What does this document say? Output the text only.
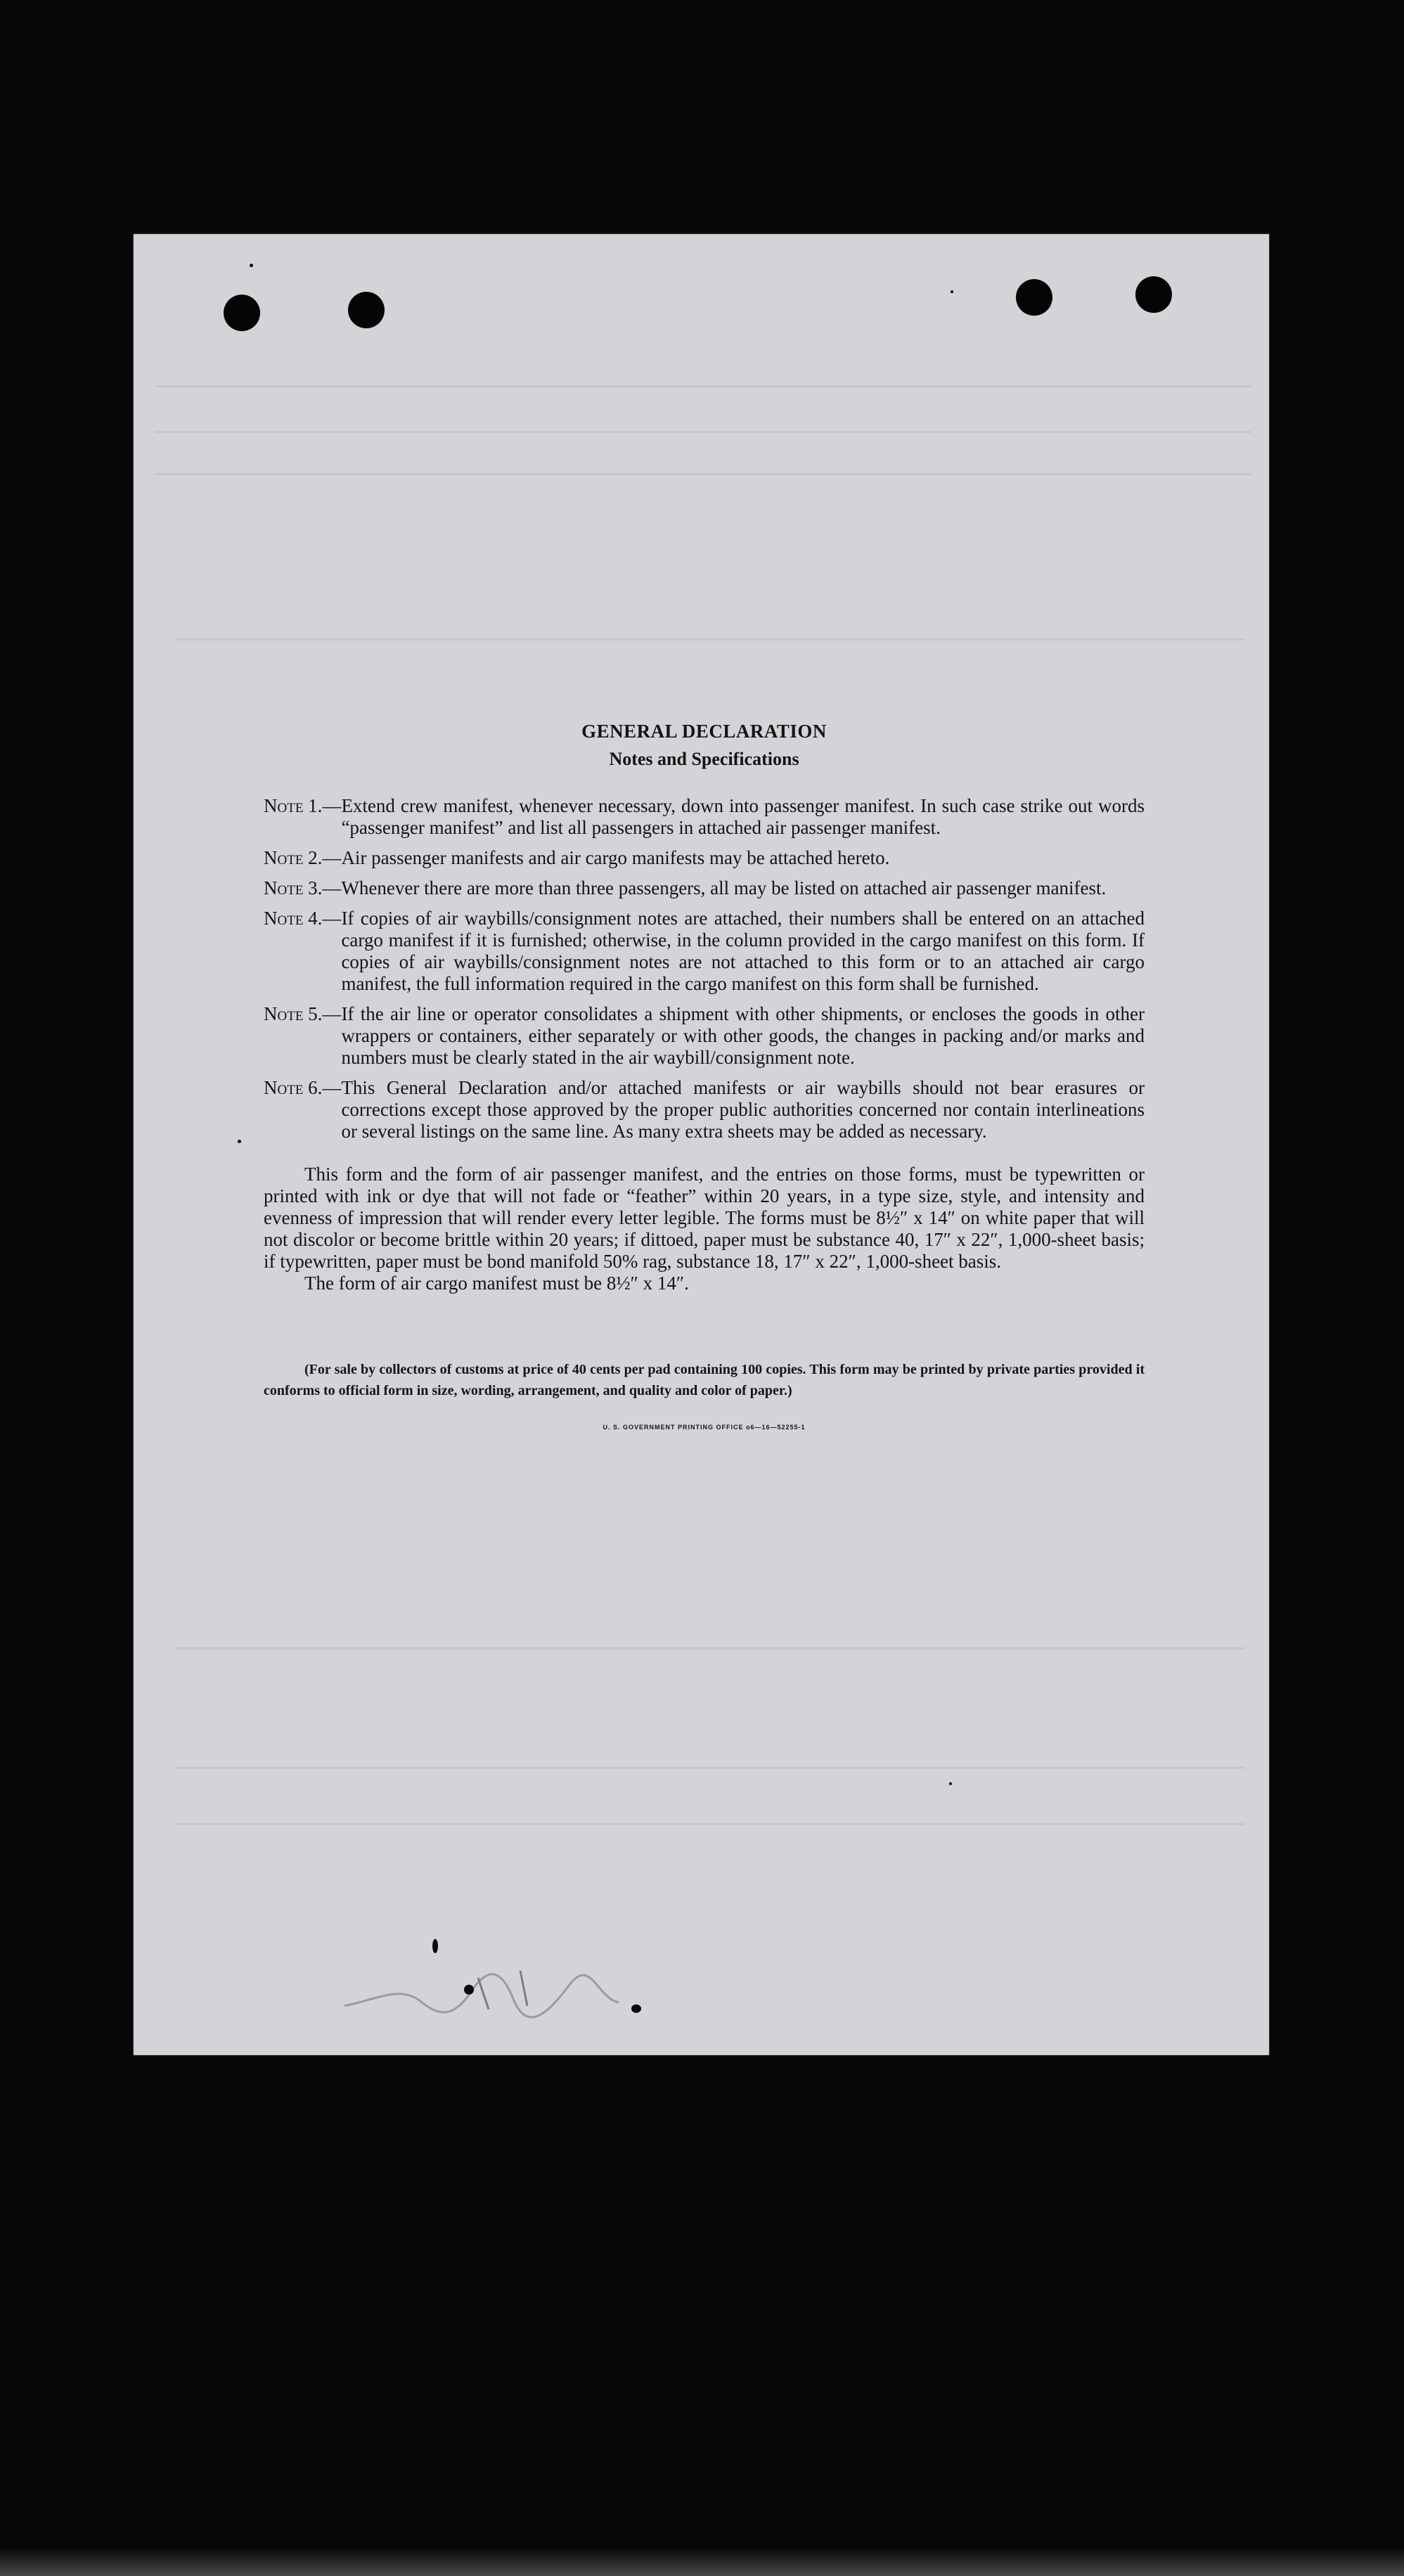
GENERAL DECLARATION

Notes and Specifications

Note 1.— Extend crew manifest, whenever necessary, down into passenger manifest. In such case strike out words “passenger manifest” and list all passengers in attached air passenger manifest.
Note 2.— Air passenger manifests and air cargo manifests may be attached hereto.
Note 3.— Whenever there are more than three passengers, all may be listed on attached air passenger manifest.
Note 4.— If copies of air waybills/consignment notes are attached, their numbers shall be entered on an attached cargo manifest if it is furnished; otherwise, in the column provided in the cargo manifest on this form. If copies of air waybills/consignment notes are not attached to this form or to an attached air cargo manifest, the full information required in the cargo manifest on this form shall be furnished.
Note 5.— If the air line or operator consolidates a shipment with other shipments, or encloses the goods in other wrappers or containers, either separately or with other goods, the changes in packing and/or marks and numbers must be clearly stated in the air waybill/consignment note.
Note 6.— This General Declaration and/or attached manifests or air waybills should not bear erasures or corrections except those approved by the proper public authorities concerned nor contain interlineations or several listings on the same line. As many extra sheets may be added as necessary.

This form and the form of air passenger manifest, and the entries on those forms, must be typewritten or printed with ink or dye that will not fade or “feather” within 20 years, in a type size, style, and intensity and evenness of impression that will render every letter legible. The forms must be 8½″ x 14″ on white paper that will not discolor or become brittle within 20 years; if dittoed, paper must be substance 40, 17″ x 22″, 1,000-sheet basis; if typewritten, paper must be bond manifold 50% rag, substance 18, 17″ x 22″, 1,000-sheet basis.

The form of air cargo manifest must be 8½″ x 14″.

(For sale by collectors of customs at price of 40 cents per pad containing 100 copies. This form may be printed by private parties provided it conforms to official form in size, wording, arrangement, and quality and color of paper.)

U. S. GOVERNMENT PRINTING OFFICE o6—16—52255-1
